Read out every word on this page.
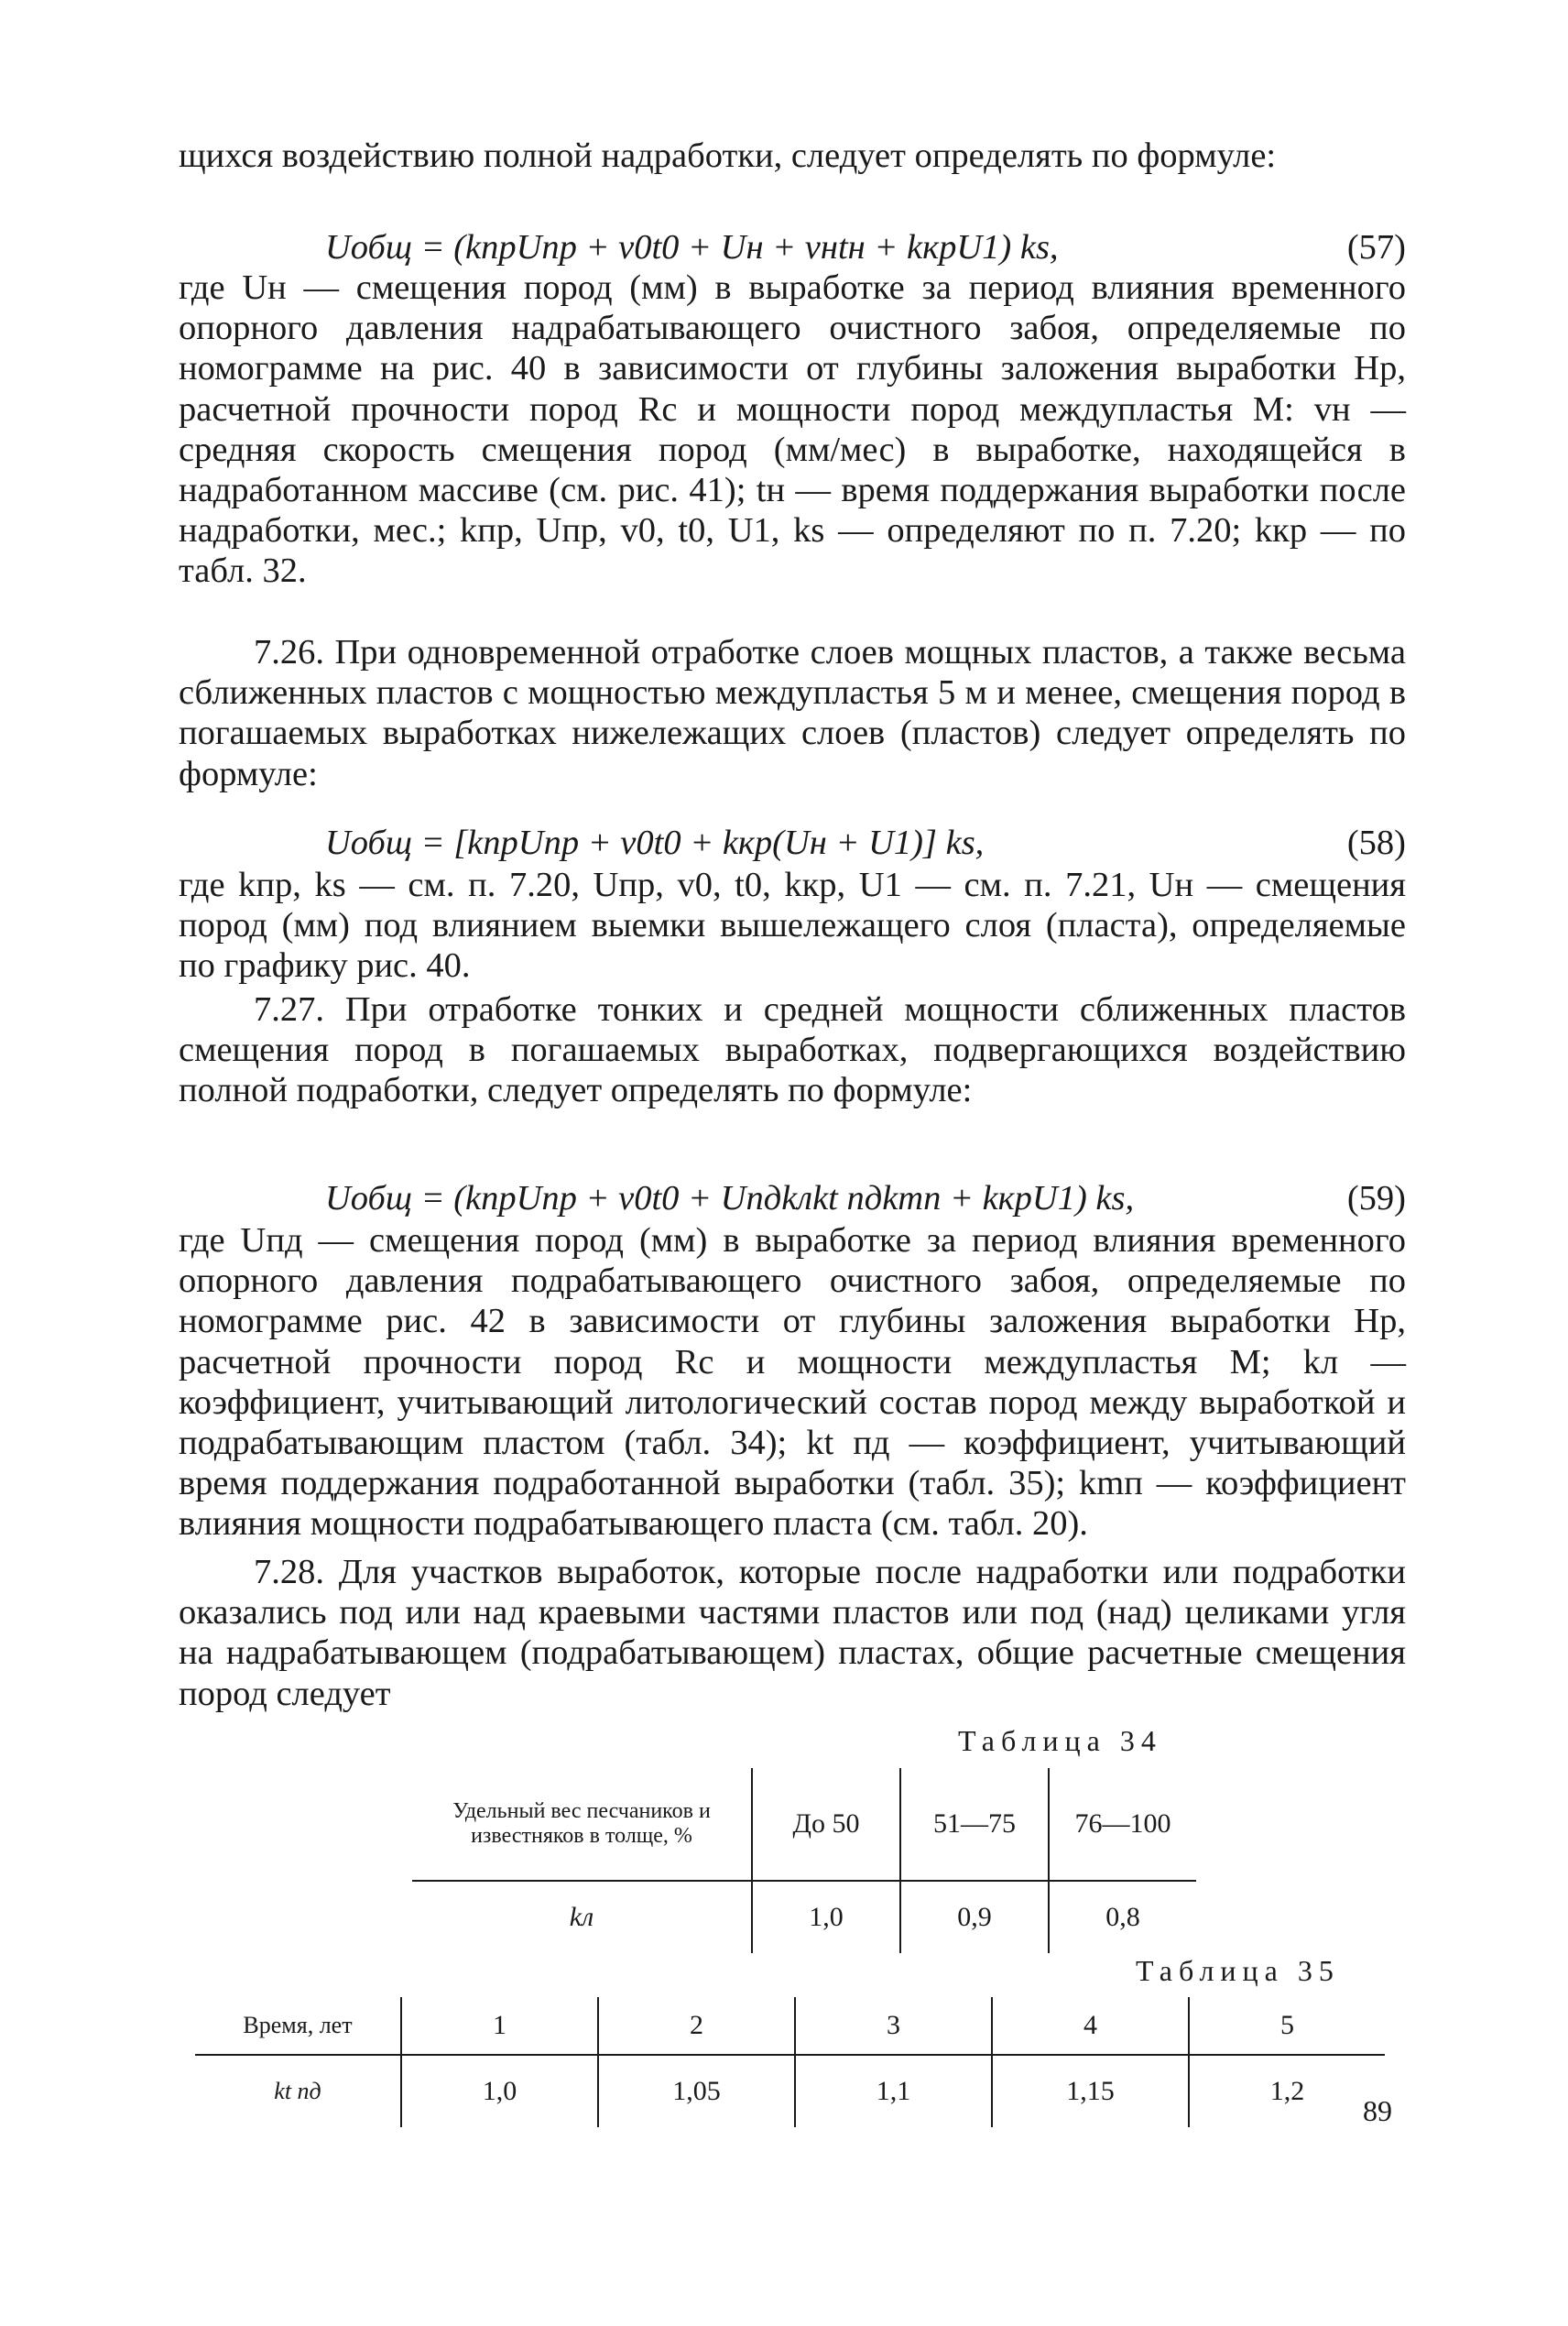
щихся воздействию полной надработки, следует определять по формуле:

Uобщ = (kпрUпр + v0t0 + Uн + vнtн + kкрU1) ks,	(57)

где Uн — смещения пород (мм) в выработке за период влияния временного опорного давления надрабатывающего очистного забоя, определяемые по номограмме на рис. 40 в зависимости от глубины заложения выработки Hр, расчетной прочности пород Rс и мощности пород междупластья M: vн — средняя скорость смещения пород (мм/мес) в выработке, находящейся в надработанном массиве (см. рис. 41); tн — время поддержания выработки после надработки, мес.; kпр, Uпр, v0, t0, U1, ks — определяют по п. 7.20; kкр — по табл. 32.

7.26. При одновременной отработке слоев мощных пластов, а также весьма сближенных пластов с мощностью междупластья 5 м и менее, смещения пород в погашаемых выработках нижележащих слоев (пластов) следует определять по формуле:

Uобщ = [kпрUпр + v0t0 + kкр(Uн + U1)] ks,	(58)

где kпр, ks — см. п. 7.20, Uпр, v0, t0, kкр, U1 — см. п. 7.21, Uн — смещения пород (мм) под влиянием выемки вышележащего слоя (пласта), определяемые по графику рис. 40.

7.27. При отработке тонких и средней мощности сближенных пластов смещения пород в погашаемых выработках, подвергающихся воздействию полной подработки, следует определять по формуле:

Uобщ = (kпрUпр + v0t0 + Uпдkлkt пдkmп + kкрU1) ks,	(59)

где Uпд — смещения пород (мм) в выработке за период влияния временного опорного давления подрабатывающего очистного забоя, определяемые по номограмме рис. 42 в зависимости от глубины заложения выработки Hр, расчетной прочности пород Rс и мощности междупластья M; kл — коэффициент, учитывающий литологический состав пород между выработкой и подрабатывающим пластом (табл. 34); kt пд — коэффициент, учитывающий время поддержания подработанной выработки (табл. 35); kmп — коэффициент влияния мощности подрабатывающего пласта (см. табл. 20).

7.28. Для участков выработок, которые после надработки или подработки оказались под или над краевыми частями пластов или под (над) целиками угля на надрабатывающем (подрабатывающем) пластах, общие расчетные смещения пород следует

Таблица 34
Удельный вес песчаников и известняков в толще, %	До 50	51—75	76—100
kл	1,0	0,9	0,8
Таблица 35
Время, лет	1	2	3	4	5
kt пд	1,0	1,05	1,1	1,15	1,2
89
